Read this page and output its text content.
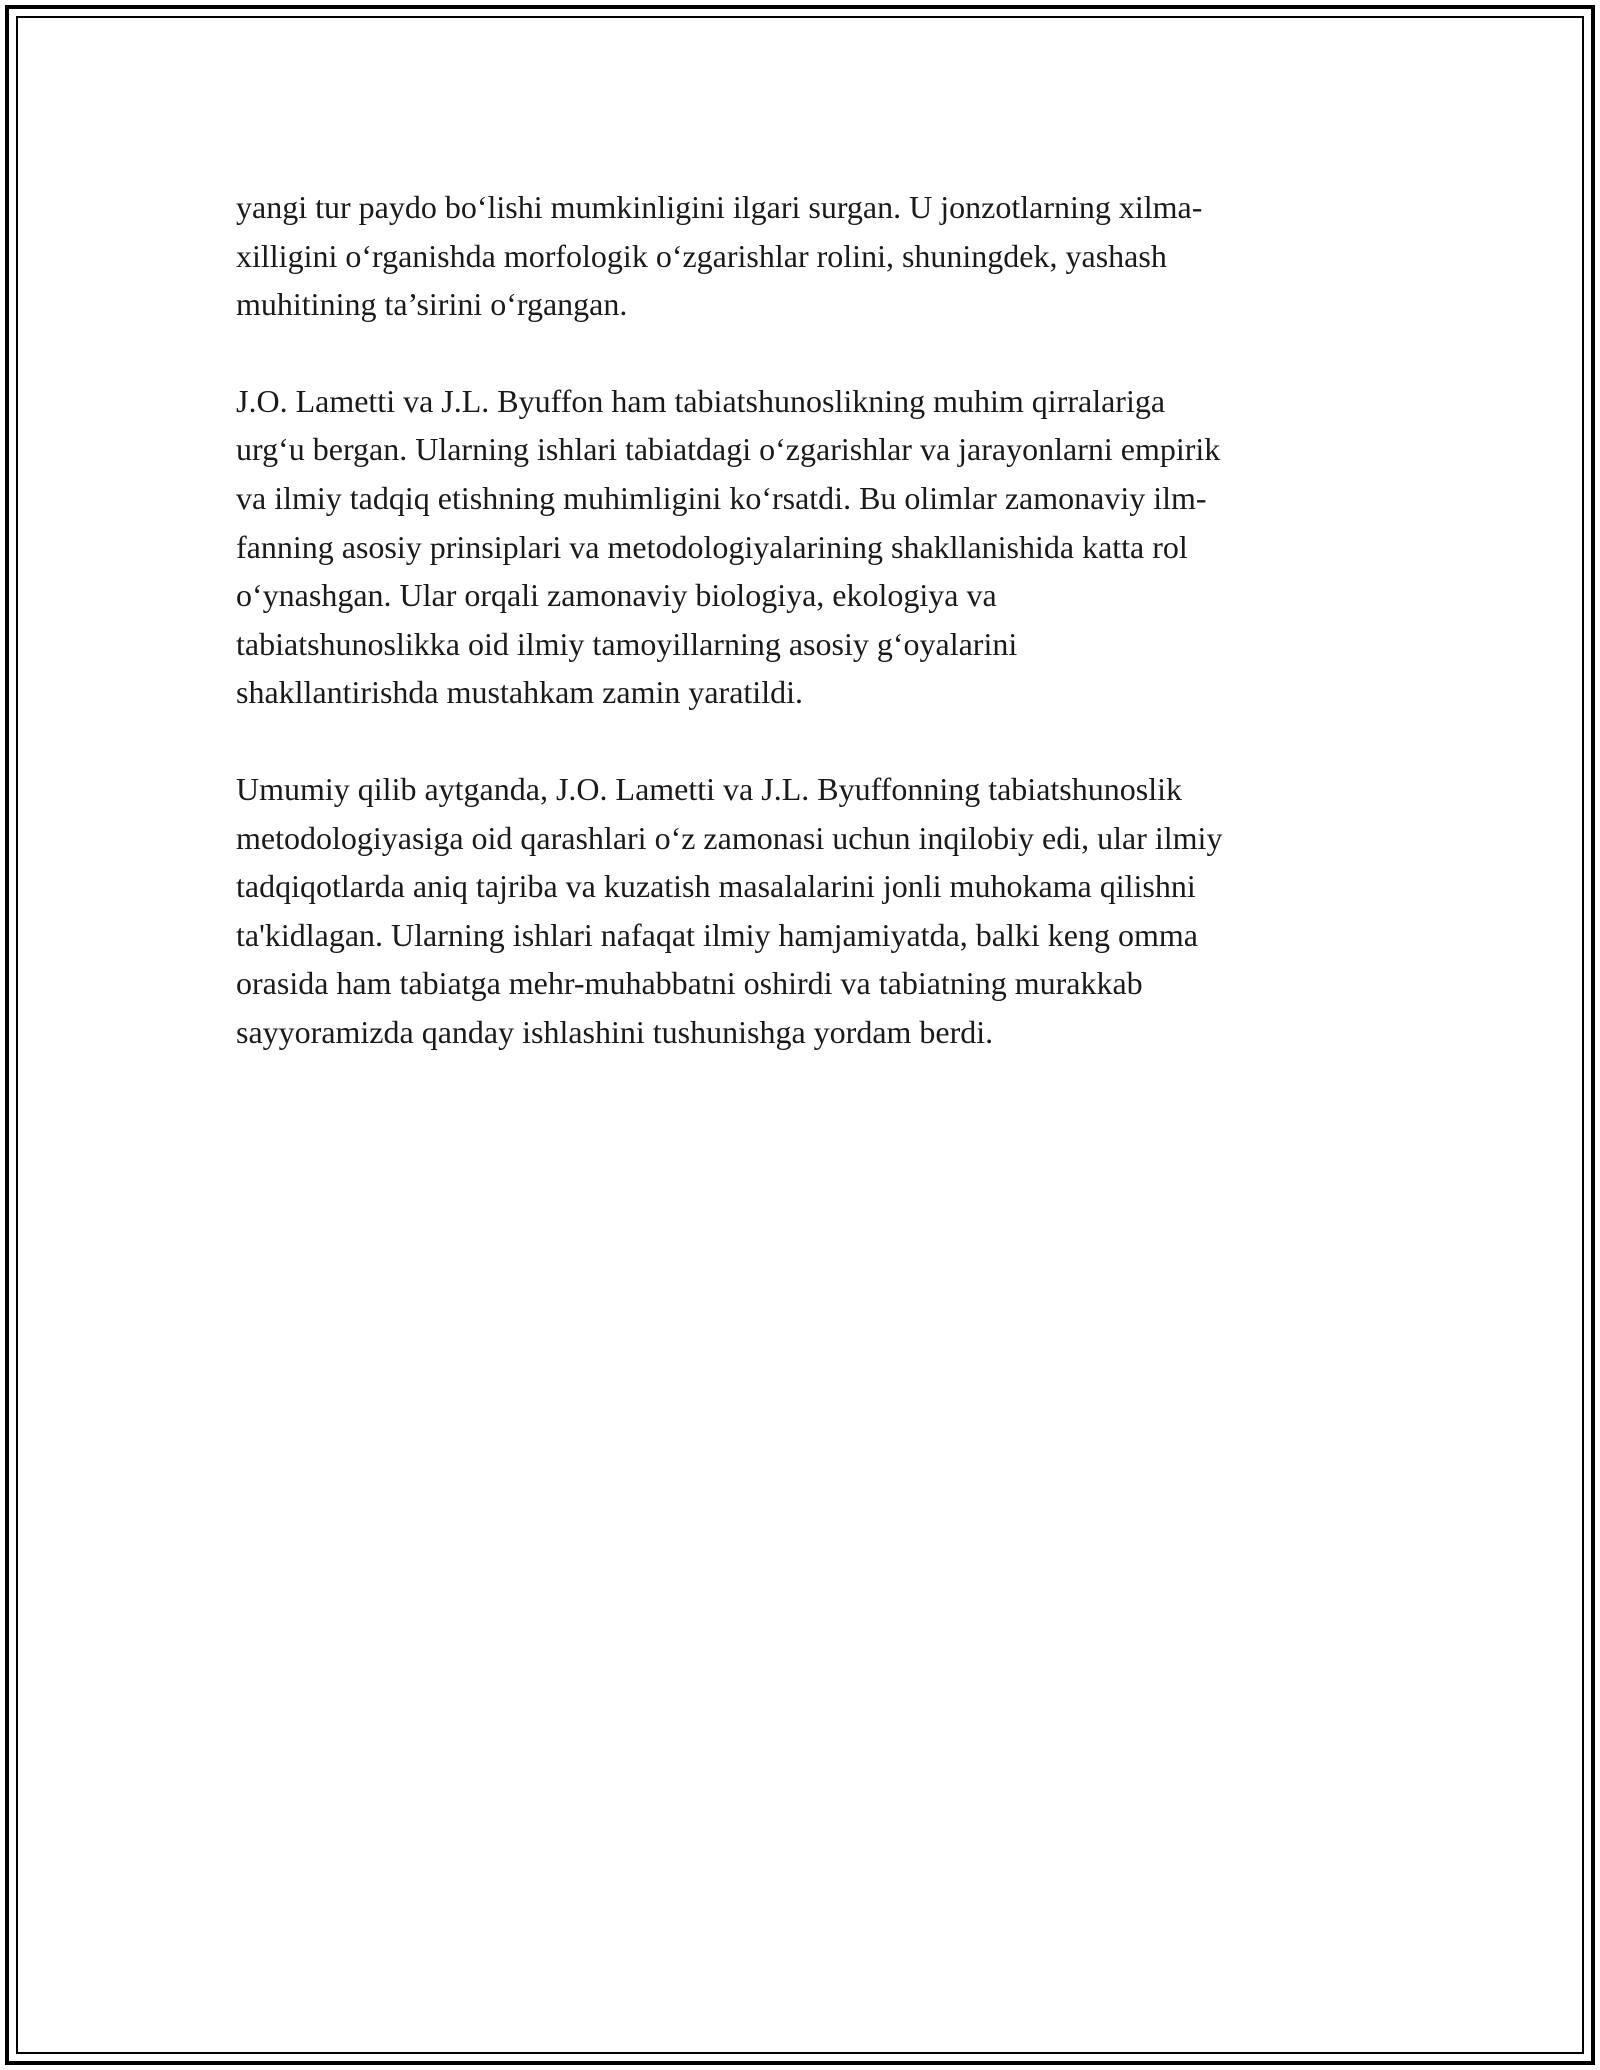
yangi tur paydo bo‘lishi mumkinligini ilgari surgan. U jonzotlarning xilma-
xilligini o‘rganishda morfologik o‘zgarishlar rolini, shuningdek, yashash
muhitining ta’sirini o‘rgangan.
J.O. Lametti va J.L. Byuffon ham tabiatshunoslikning muhim qirralariga
urg‘u bergan. Ularning ishlari tabiatdagi o‘zgarishlar va jarayonlarni empirik
va ilmiy tadqiq etishning muhimligini ko‘rsatdi. Bu olimlar zamonaviy ilm-
fanning asosiy prinsiplari va metodologiyalarining shakllanishida katta rol
o‘ynashgan. Ular orqali zamonaviy biologiya, ekologiya va
tabiatshunoslikka oid ilmiy tamoyillarning asosiy g‘oyalarini
shakllantirishda mustahkam zamin yaratildi.
Umumiy qilib aytganda, J.O. Lametti va J.L. Byuffonning tabiatshunoslik
metodologiyasiga oid qarashlari o‘z zamonasi uchun inqilobiy edi, ular ilmiy
tadqiqotlarda aniq tajriba va kuzatish masalalarini jonli muhokama qilishni
ta'kidlagan. Ularning ishlari nafaqat ilmiy hamjamiyatda, balki keng omma
orasida ham tabiatga mehr-muhabbatni oshirdi va tabiatning murakkab
sayyoramizda qanday ishlashini tushunishga yordam berdi.
